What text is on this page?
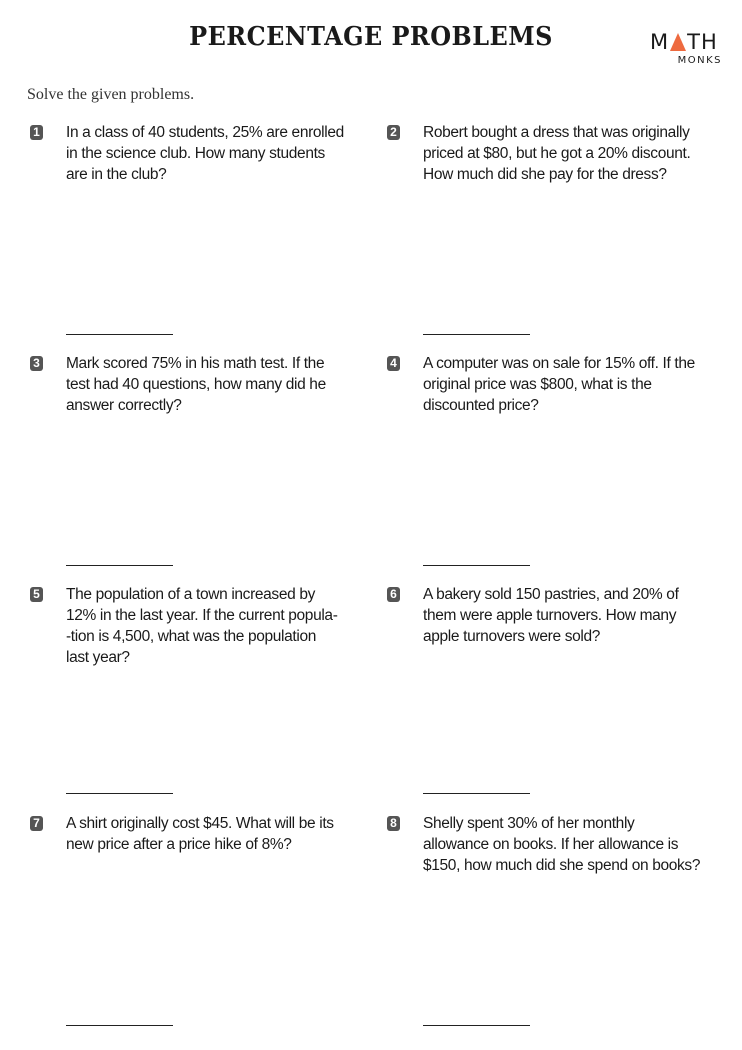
PERCENTAGE PROBLEMS	M TH
MONKS
Solve the given problems.
1 In a class of 40 students, 25% are enrolled
in the science club. How many students
are in the club?
2 Robert bought a dress that was originally
priced at $80, but he got a 20% discount.
How much did she pay for the dress?
3 Mark scored 75% in his math test. If the
test had 40 questions, how many did he
answer correctly?
4 A computer was on sale for 15% off. If the
original price was $800, what is the
discounted price?
5 The population of a town increased by
12% in the last year. If the current popula-
-tion is 4,500, what was the population
last year?
6 A bakery sold 150 pastries, and 20% of
them were apple turnovers. How many
apple turnovers were sold?
7 A shirt originally cost $45. What will be its
new price after a price hike of 8%?
8 Shelly spent 30% of her monthly
allowance on books. If her allowance is
$150, how much did she spend on books?
